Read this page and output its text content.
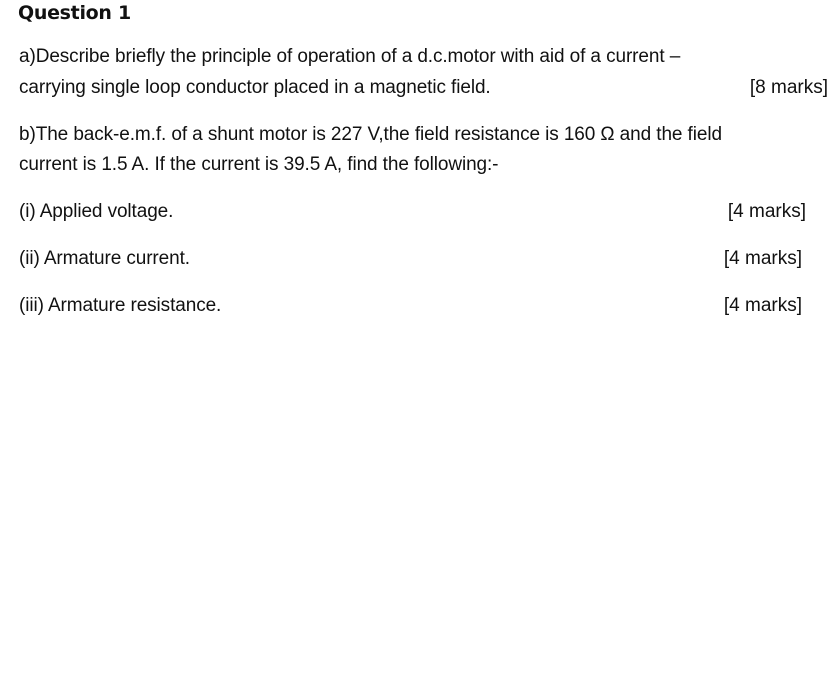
Question 1
a)Describe briefly the principle of operation of a d.c.motor with aid of a current –
carrying single loop conductor placed in a magnetic field.	[8 marks]
b)The back-e.m.f. of a shunt motor is 227 V,the field resistance is 160 Ω and the field
current is 1.5 A. If the current is 39.5 A, find the following:-
(i) Applied voltage.	[4 marks]
(ii) Armature current.	[4 marks]
(iii) Armature resistance.	[4 marks]
